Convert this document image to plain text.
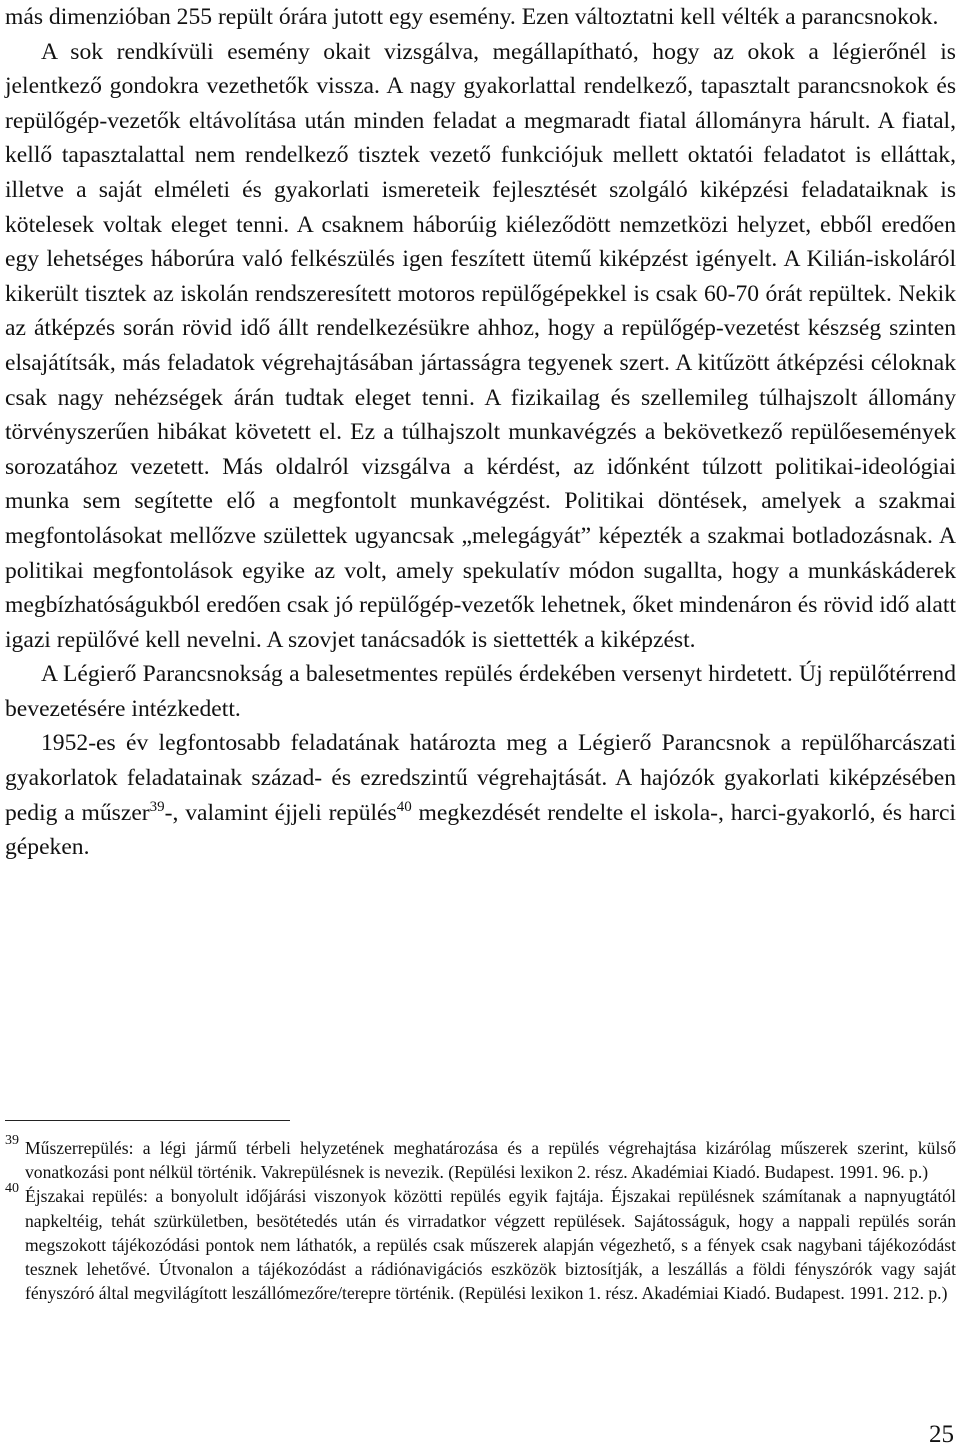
más dimenzióban 255 repült órára jutott egy esemény. Ezen változtatni kell vélték a parancsnokok.

A sok rendkívüli esemény okait vizsgálva, megállapítható, hogy az okok a légierőnél is jelentkező gondokra vezethetők vissza. A nagy gyakorlattal rendelkező, tapasztalt parancsnokok és repülőgép-vezetők eltávolítása után minden feladat a megmaradt fiatal állományra hárult. A fiatal, kellő tapasztalattal nem rendelkező tisztek vezető funkciójuk mellett oktatói feladatot is elláttak, illetve a saját elméleti és gyakorlati ismereteik fejlesztését szolgáló kiképzési feladataiknak is kötelesek voltak eleget tenni. A csaknem háborúig kiéleződött nemzetközi helyzet, ebből eredően egy lehetséges háborúra való felkészülés igen feszített ütemű kiképzést igényelt. A Kilián-iskoláról kikerült tisztek az iskolán rendszeresített motoros repülőgépekkel is csak 60-70 órát repültek. Nekik az átképzés során rövid idő állt rendelkezésükre ahhoz, hogy a repülőgép-vezetést készség szinten elsajátítsák, más feladatok végrehajtásában jártasságra tegyenek szert. A kitűzött átképzési céloknak csak nagy nehézségek árán tudtak eleget tenni. A fizikailag és szellemileg túlhajszolt állomány törvényszerűen hibákat követett el. Ez a túlhajszolt munkavégzés a bekövetkező repülőesemények sorozatához vezetett. Más oldalról vizsgálva a kérdést, az időnként túlzott politikai-ideológiai munka sem segítette elő a megfontolt munkavégzést. Politikai döntések, amelyek a szakmai megfontolásokat mellőzve születtek ugyancsak „melegágyát” képezték a szakmai botladozásnak. A politikai megfontolások egyike az volt, amely spekulatív módon sugallta, hogy a munkáskáderek megbízhatóságukból eredően csak jó repülőgép-vezetők lehetnek, őket mindenáron és rövid idő alatt igazi repülővé kell nevelni. A szovjet tanácsadók is siettették a kiképzést.

A Légierő Parancsnokság a balesetmentes repülés érdekében versenyt hirdetett. Új repülőtérrend bevezetésére intézkedett.

1952-es év legfontosabb feladatának határozta meg a Légierő Parancsnok a repülőharcászati gyakorlatok feladatainak század- és ezredszintű végrehajtását. A hajózók gyakorlati kiképzésében pedig a műszer$^{39}$-, valamint éjjeli repülés$^{40}$ megkezdését rendelte el iskola-, harci-gyakorló, és harci gépeken.

39 Műszerrepülés: a légi jármű térbeli helyzetének meghatározása és a repülés végrehajtása kizárólag műszerek szerint, külső vonatkozási pont nélkül történik. Vakrepülésnek is nevezik. (Repülési lexikon 2. rész. Akadémiai Kiadó. Budapest. 1991. 96. p.)

40 Éjszakai repülés: a bonyolult időjárási viszonyok közötti repülés egyik fajtája. Éjszakai repülésnek számítanak a napnyugtától napkeltéig, tehát szürkületben, besötétedés után és virradatkor végzett repülések. Sajátosságuk, hogy a nappali repülés során megszokott tájékozódási pontok nem láthatók, a repülés csak műszerek alapján végezhető, s a fények csak nagybani tájékozódást tesznek lehetővé. Útvonalon a tájékozódást a rádiónavigációs eszközök biztosítják, a leszállás a földi fényszórók vagy saját fényszóró által megvilágított leszállómezőre/terepre történik. (Repülési lexikon 1. rész. Akadémiai Kiadó. Budapest. 1991. 212. p.)

25
